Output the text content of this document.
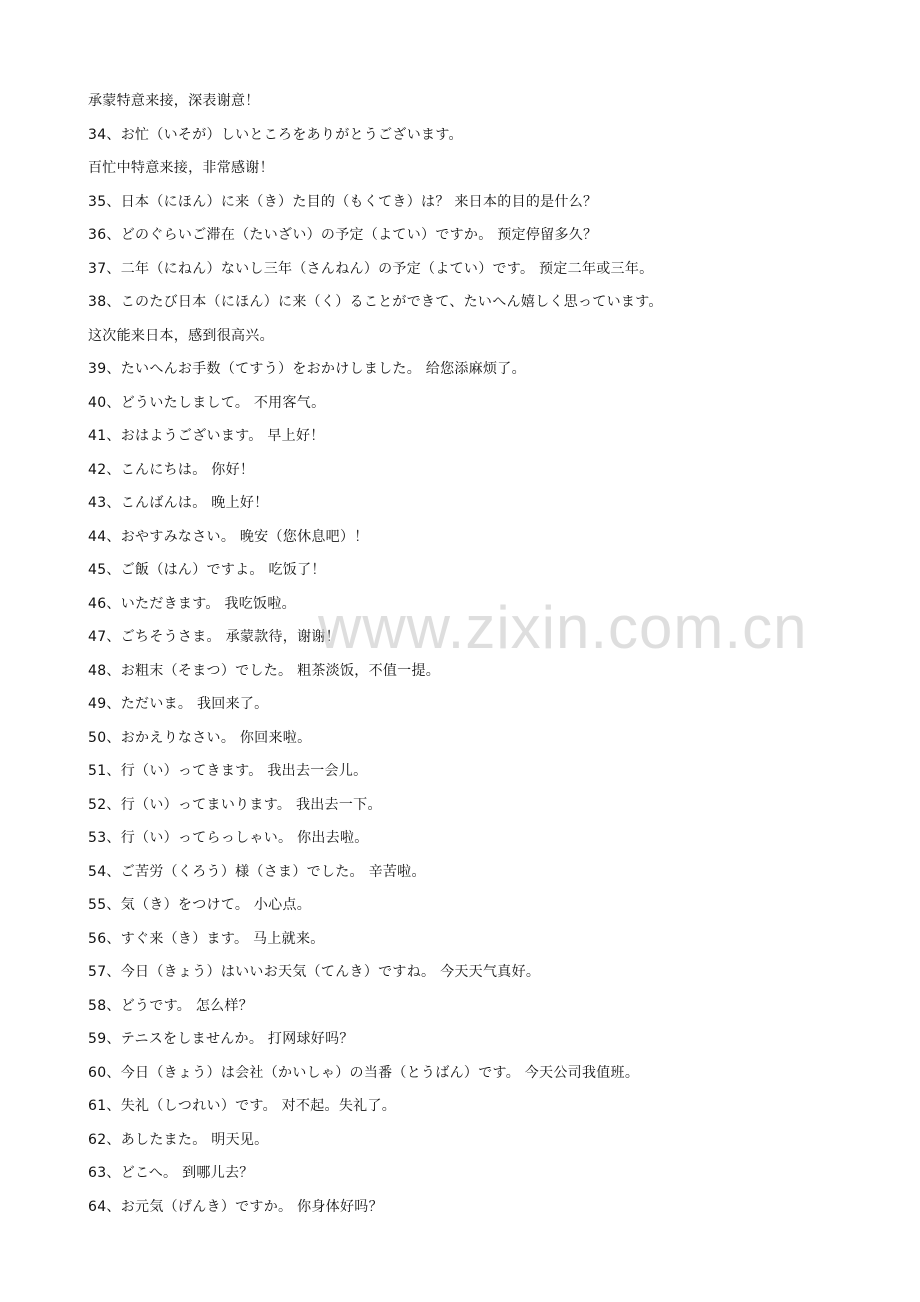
承蒙特意来接，深表谢意！
34、お忙（いそが）しいところをありがとうございます。
百忙中特意来接，非常感谢！
35、日本（にほん）に来（き）た目的（もくてき）は？ 来日本的目的是什么？
36、どのぐらいご滞在（たいざい）の予定（よてい）ですか。 预定停留多久？
37、二年（にねん）ないし三年（さんねん）の予定（よてい）です。 预定二年或三年。
38、このたび日本（にほん）に来（く）ることができて、たいへん嬉しく思っています。
这次能来日本，感到很高兴。
39、たいへんお手数（てすう）をおかけしました。 给您添麻烦了。
40、どういたしまして。 不用客气。
41、おはようございます。 早上好！
42、こんにちは。 你好！
43、こんばんは。 晚上好！
44、おやすみなさい。 晚安（您休息吧）！
45、ご飯（はん）ですよ。 吃饭了！
46、いただきます。 我吃饭啦。
47、ごちそうさま。 承蒙款待，谢谢！
48、お粗末（そまつ）でした。 粗茶淡饭，不值一提。
49、ただいま。 我回来了。
50、おかえりなさい。 你回来啦。
51、行（い）ってきます。 我出去一会儿。
52、行（い）ってまいります。 我出去一下。
53、行（い）ってらっしゃい。 你出去啦。
54、ご苦労（くろう）様（さま）でした。 辛苦啦。
55、気（き）をつけて。 小心点。
56、すぐ来（き）ます。 马上就来。
57、今日（きょう）はいいお天気（てんき）ですね。 今天天气真好。
58、どうです。 怎么样？
59、テニスをしませんか。 打网球好吗？
60、今日（きょう）は会社（かいしゃ）の当番（とうばん）です。 今天公司我值班。
61、失礼（しつれい）です。 对不起。失礼了。
62、あしたまた。 明天见。
63、どこへ。 到哪儿去？
64、お元気（げんき）ですか。 你身体好吗？
www.zixin.com.cn
